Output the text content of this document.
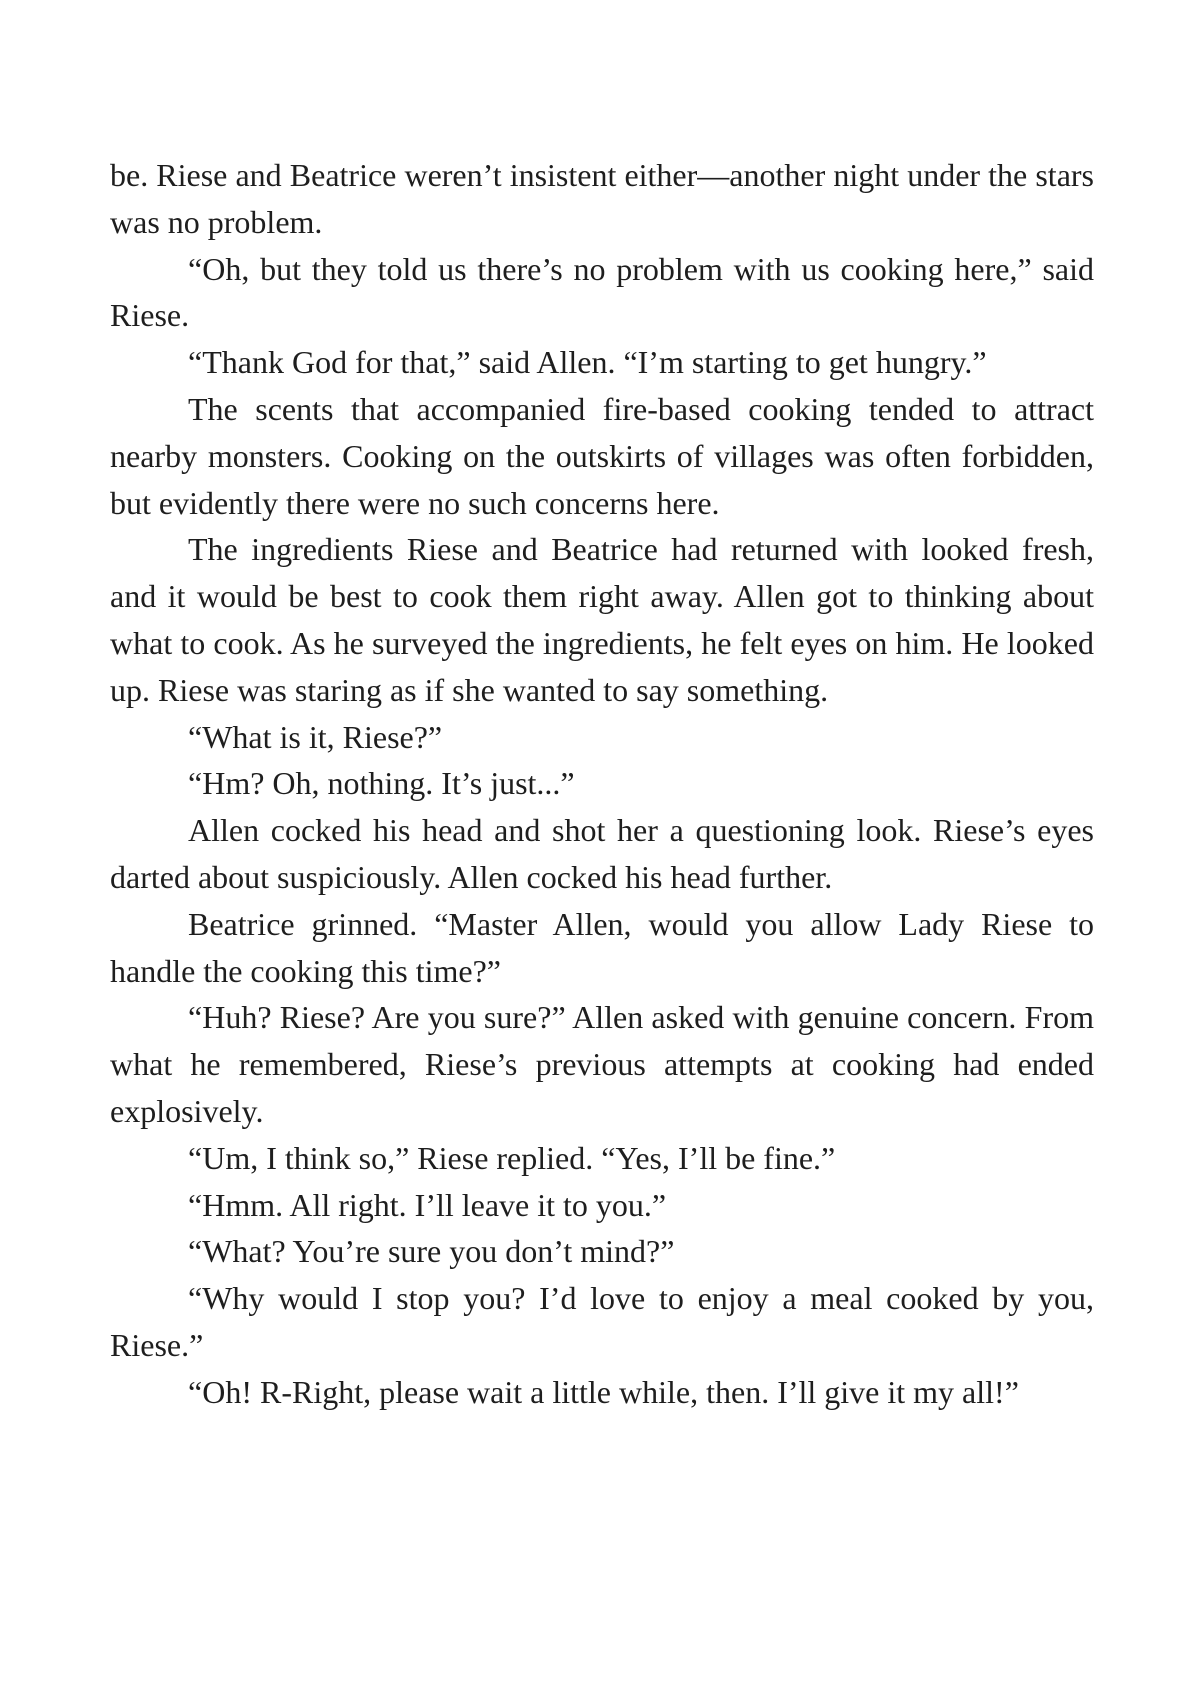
be. Riese and Beatrice weren’t insistent either—another night under the stars was no problem.

“Oh, but they told us there’s no problem with us cooking here,” said Riese.

“Thank God for that,” said Allen. “I’m starting to get hungry.”

The scents that accompanied fire-based cooking tended to attract nearby monsters. Cooking on the outskirts of villages was often forbidden, but evidently there were no such concerns here.

The ingredients Riese and Beatrice had returned with looked fresh, and it would be best to cook them right away. Allen got to thinking about what to cook. As he surveyed the ingredients, he felt eyes on him. He looked up. Riese was staring as if she wanted to say something.

“What is it, Riese?”

“Hm? Oh, nothing. It’s just...”

Allen cocked his head and shot her a questioning look. Riese’s eyes darted about suspiciously. Allen cocked his head further.

Beatrice grinned. “Master Allen, would you allow Lady Riese to handle the cooking this time?”

“Huh? Riese? Are you sure?” Allen asked with genuine concern. From what he remembered, Riese’s previous attempts at cooking had ended explosively.

“Um, I think so,” Riese replied. “Yes, I’ll be fine.”

“Hmm. All right. I’ll leave it to you.”

“What? You’re sure you don’t mind?”

“Why would I stop you? I’d love to enjoy a meal cooked by you, Riese.”

“Oh! R-Right, please wait a little while, then. I’ll give it my all!”
